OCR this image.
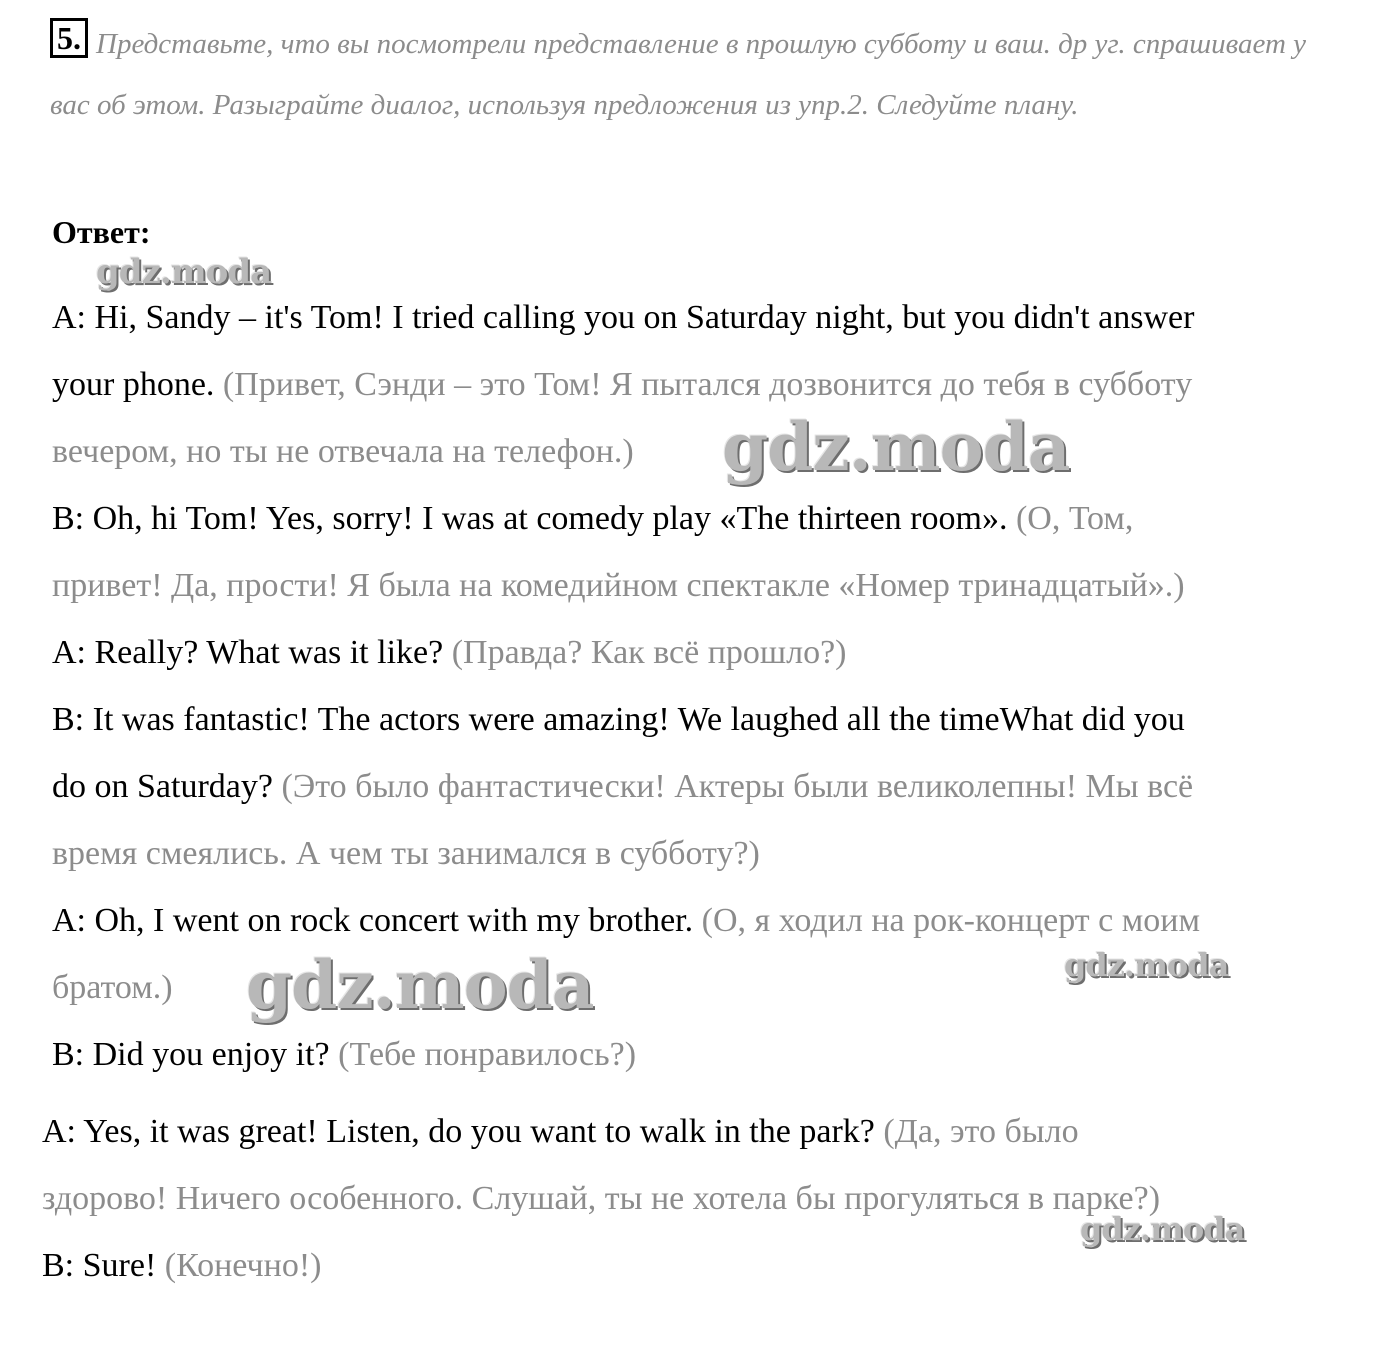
5. Представьте, что вы посмотрели представление в прошлую субботу и ваш. др уг. спрашивает у вас об этом. Разыграйте диалог, используя предложения из упр.2. Следуйте плану.
Ответ:
A: Hi, Sandy – it's Tom! I tried calling you on Saturday night, but you didn't answer
your phone. (Привет, Сэнди – это Том! Я пытался дозвонится до тебя в субботу
вечером, но ты не отвечала на телефон.)
B: Oh, hi Tom! Yes, sorry! I was at comedy play «The thirteen room». (О, Том,
привет! Да, прости! Я была на комедийном спектакле «Номер тринадцатый».)
A: Really? What was it like? (Правда? Как всё прошло?)
B: It was fantastic! The actors were amazing! We laughed all the timeWhat did you
do on Saturday? (Это было фантастически! Актеры были великолепны! Мы всё
время смеялись. А чем ты занимался в субботу?)
A: Oh, I went on rock concert with my brother. (О, я ходил на рок-концерт с моим
братом.)
B: Did you enjoy it? (Тебе понравилось?)
A: Yes, it was great! Listen, do you want to walk in the park? (Да, это было
здорово! Ничего особенного. Слушай, ты не хотела бы прогуляться в парке?)
B: Sure! (Конечно!)
gdz.moda
gdz.moda
gdz.moda	gdz.moda
gdz.moda
